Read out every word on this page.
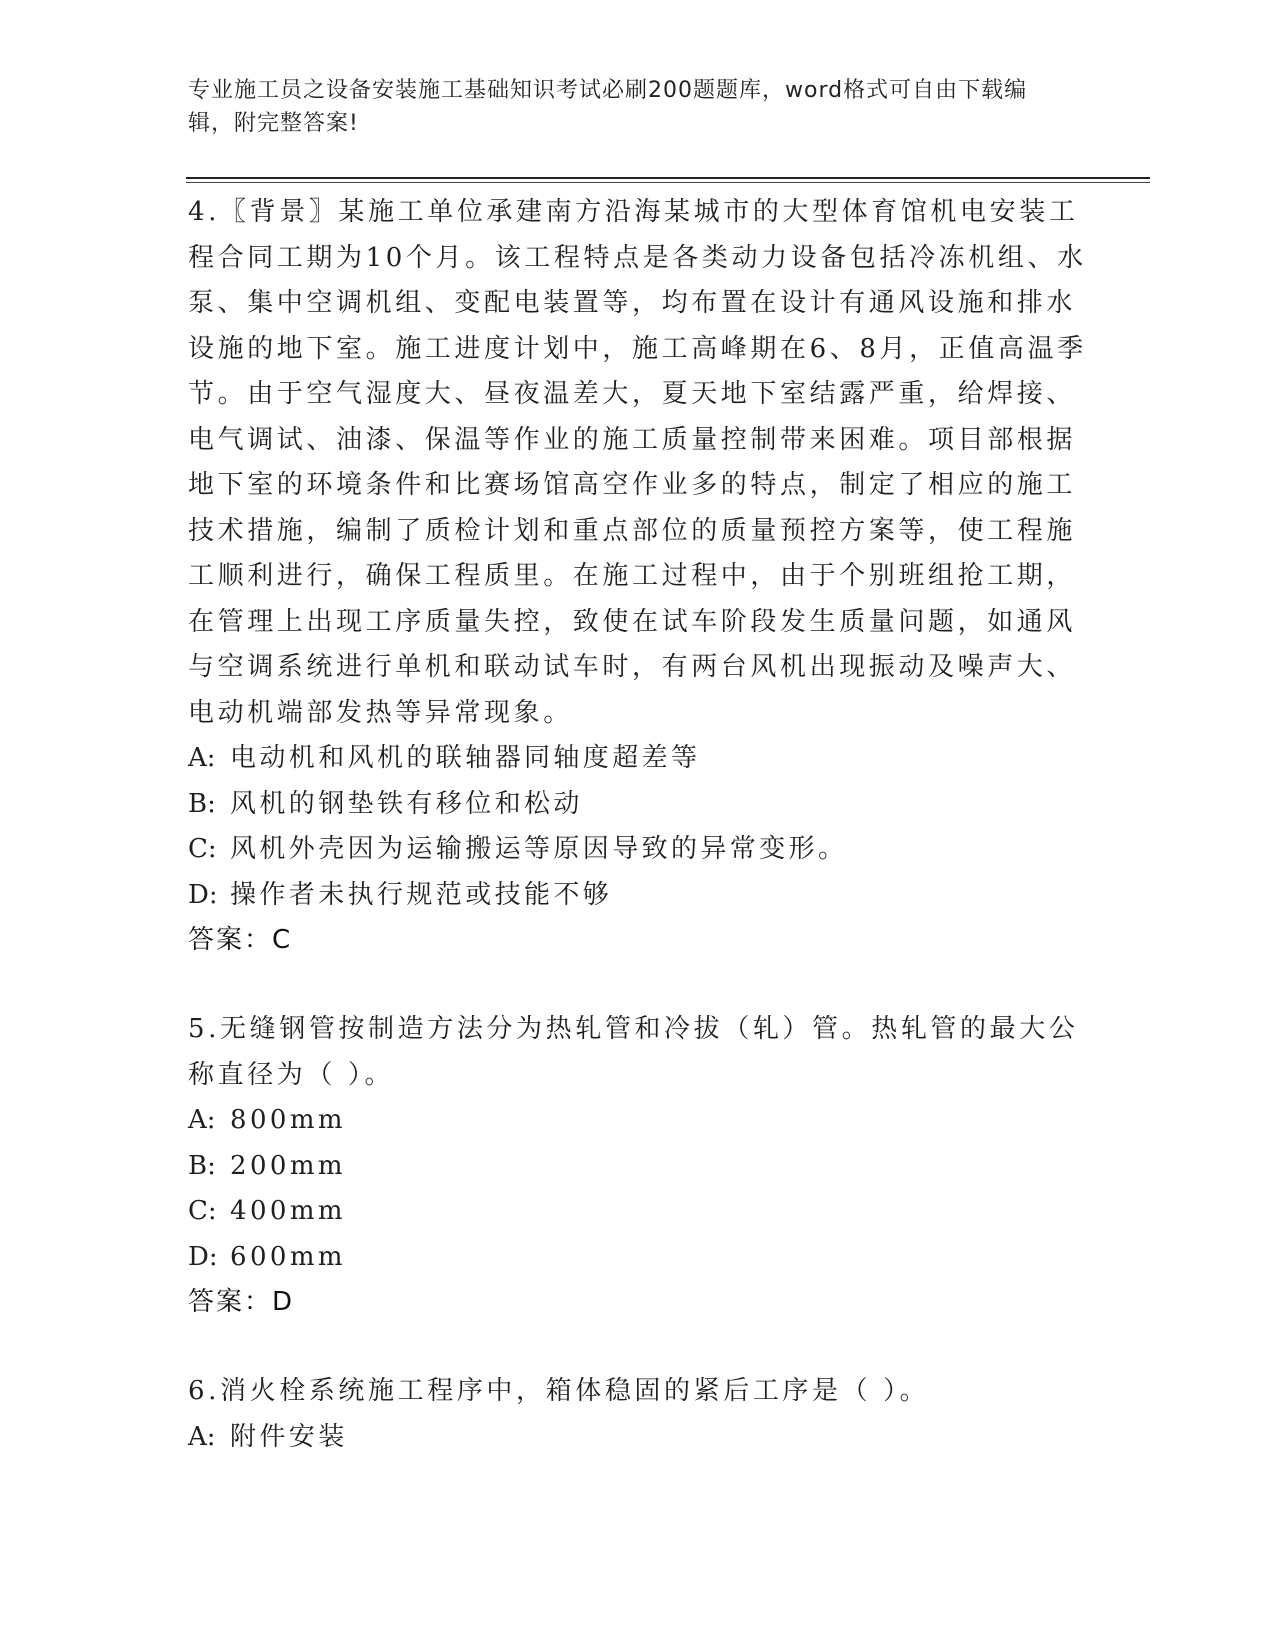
专业施工员之设备安装施工基础知识考试必刷200题题库，word格式可自由下载编辑，附完整答案!

4.〖背景〗某施工单位承建南方沿海某城市的大型体育馆机电安装工程合同工期为10个月。该工程特点是各类动力设备包括冷冻机组、水泵、集中空调机组、变配电装置等，均布置在设计有通风设施和排水设施的地下室。施工进度计划中，施工高峰期在6、8月，正值高温季节。由于空气湿度大、昼夜温差大，夏天地下室结露严重，给焊接、电气调试、油漆、保温等作业的施工质量控制带来困难。项目部根据地下室的环境条件和比赛场馆高空作业多的特点，制定了相应的施工技术措施，编制了质检计划和重点部位的质量预控方案等，使工程施工顺利进行，确保工程质里。在施工过程中，由于个别班组抢工期，在管理上出现工序质量失控，致使在试车阶段发生质量问题，如通风与空调系统进行单机和联动试车时，有两台风机出现振动及噪声大、电动机端部发热等异常现象。

A: 电动机和风机的联轴器同轴度超差等

B: 风机的钢垫铁有移位和松动

C: 风机外壳因为运输搬运等原因导致的异常变形。

D: 操作者未执行规范或技能不够

答案：C

5.无缝钢管按制造方法分为热轧管和冷拔（轧）管。热轧管的最大公称直径为（ ）。

A: 800mm

B: 200mm

C: 400mm

D: 600mm

答案：D

6.消火栓系统施工程序中，箱体稳固的紧后工序是（ ）。

A: 附件安装
